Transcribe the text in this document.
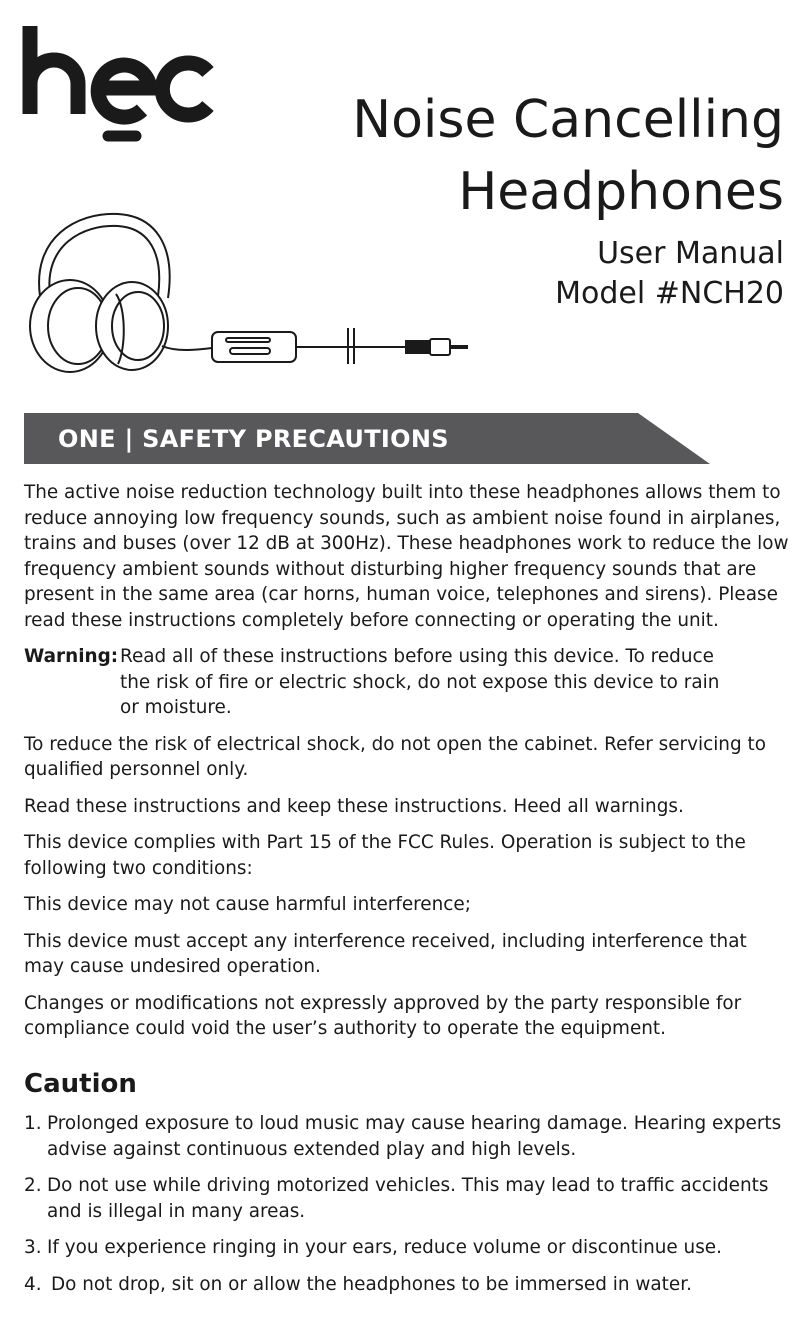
Noise Cancelling
Headphones
User Manual
Model #NCH20
ONE | SAFETY PRECAUTIONS

The active noise reduction technology built into these headphones allows them to reduce annoying low frequency sounds, such as ambient noise found in airplanes, trains and buses (over 12 dB at 300Hz). These headphones work to reduce the low frequency ambient sounds without disturbing higher frequency sounds that are present in the same area (car horns, human voice, telephones and sirens). Please read these instructions completely before connecting or operating the unit.

Warning: Read all of these instructions before using this device. To reduce the risk of fire or electric shock, do not expose this device to rain or moisture.

To reduce the risk of electrical shock, do not open the cabinet. Refer servicing to qualified personnel only.

Read these instructions and keep these instructions. Heed all warnings.

This device complies with Part 15 of the FCC Rules. Operation is subject to the following two conditions:

This device may not cause harmful interference;

This device must accept any interference received, including interference that may cause undesired operation.

Changes or modifications not expressly approved by the party responsible for compliance could void the user’s authority to operate the equipment.

Caution
1. Prolonged exposure to loud music may cause hearing damage. Hearing experts advise against continuous extended play and high levels.
2. Do not use while driving motorized vehicles. This may lead to traffic accidents and is illegal in many areas.
3. If you experience ringing in your ears, reduce volume or discontinue use.
4. Do not drop, sit on or allow the headphones to be immersed in water.
